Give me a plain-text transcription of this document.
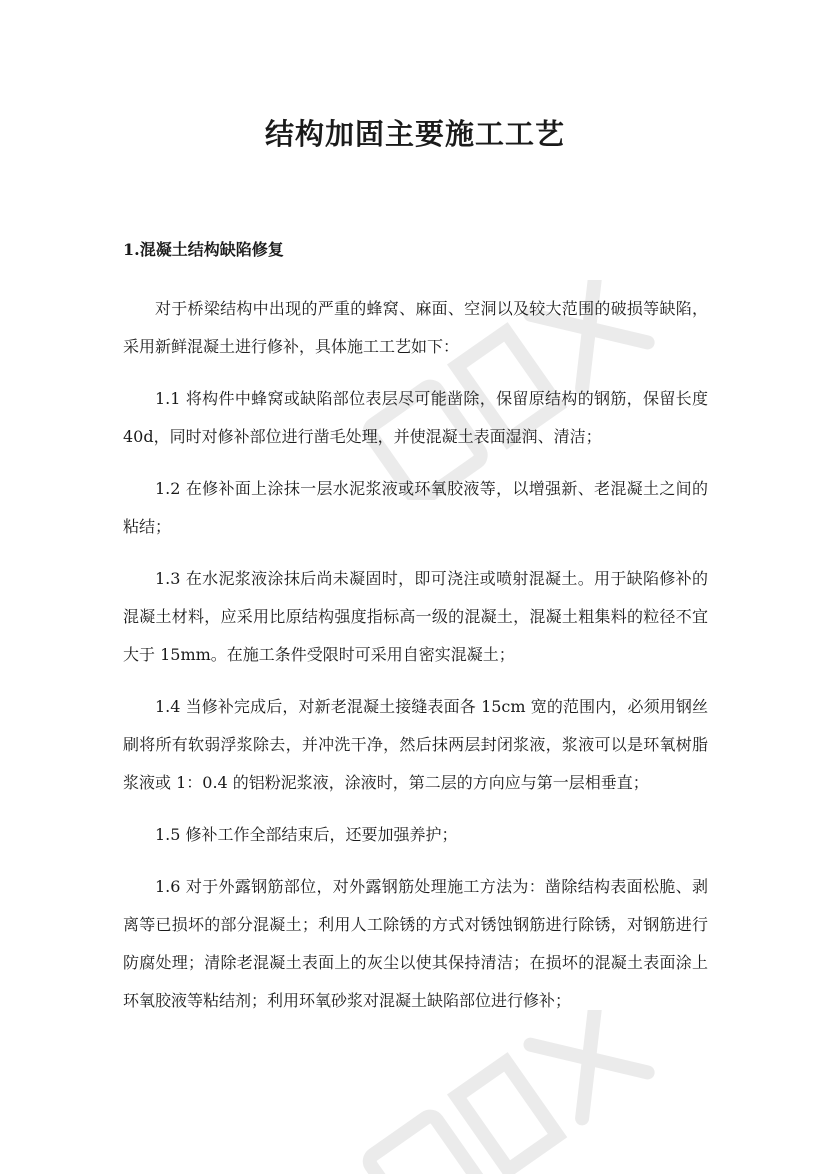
结构加固主要施工工艺
1.混凝土结构缺陷修复

对于桥梁结构中出现的严重的蜂窝、麻面、空洞以及较大范围的破损等缺陷，采用新鲜混凝土进行修补，具体施工工艺如下：

1.1 将构件中蜂窝或缺陷部位表层尽可能凿除，保留原结构的钢筋，保留长度 40d，同时对修补部位进行凿毛处理，并使混凝土表面湿润、清洁；

1.2 在修补面上涂抹一层水泥浆液或环氧胶液等，以增强新、老混凝土之间的粘结；

1.3 在水泥浆液涂抹后尚未凝固时，即可浇注或喷射混凝土。用于缺陷修补的混凝土材料，应采用比原结构强度指标高一级的混凝土，混凝土粗集料的粒径不宜大于 15mm。在施工条件受限时可采用自密实混凝土；

1.4 当修补完成后，对新老混凝土接缝表面各 15cm 宽的范围内，必须用钢丝刷将所有软弱浮浆除去，并冲洗干净，然后抹两层封闭浆液，浆液可以是环氧树脂浆液或 1：0.4 的铝粉泥浆液，涂液时，第二层的方向应与第一层相垂直；

1.5 修补工作全部结束后，还要加强养护；

1.6 对于外露钢筋部位，对外露钢筋处理施工方法为：凿除结构表面松脆、剥离等已损坏的部分混凝土；利用人工除锈的方式对锈蚀钢筋进行除锈，对钢筋进行防腐处理；清除老混凝土表面上的灰尘以使其保持清洁；在损坏的混凝土表面涂上环氧胶液等粘结剂；利用环氧砂浆对混凝土缺陷部位进行修补；
